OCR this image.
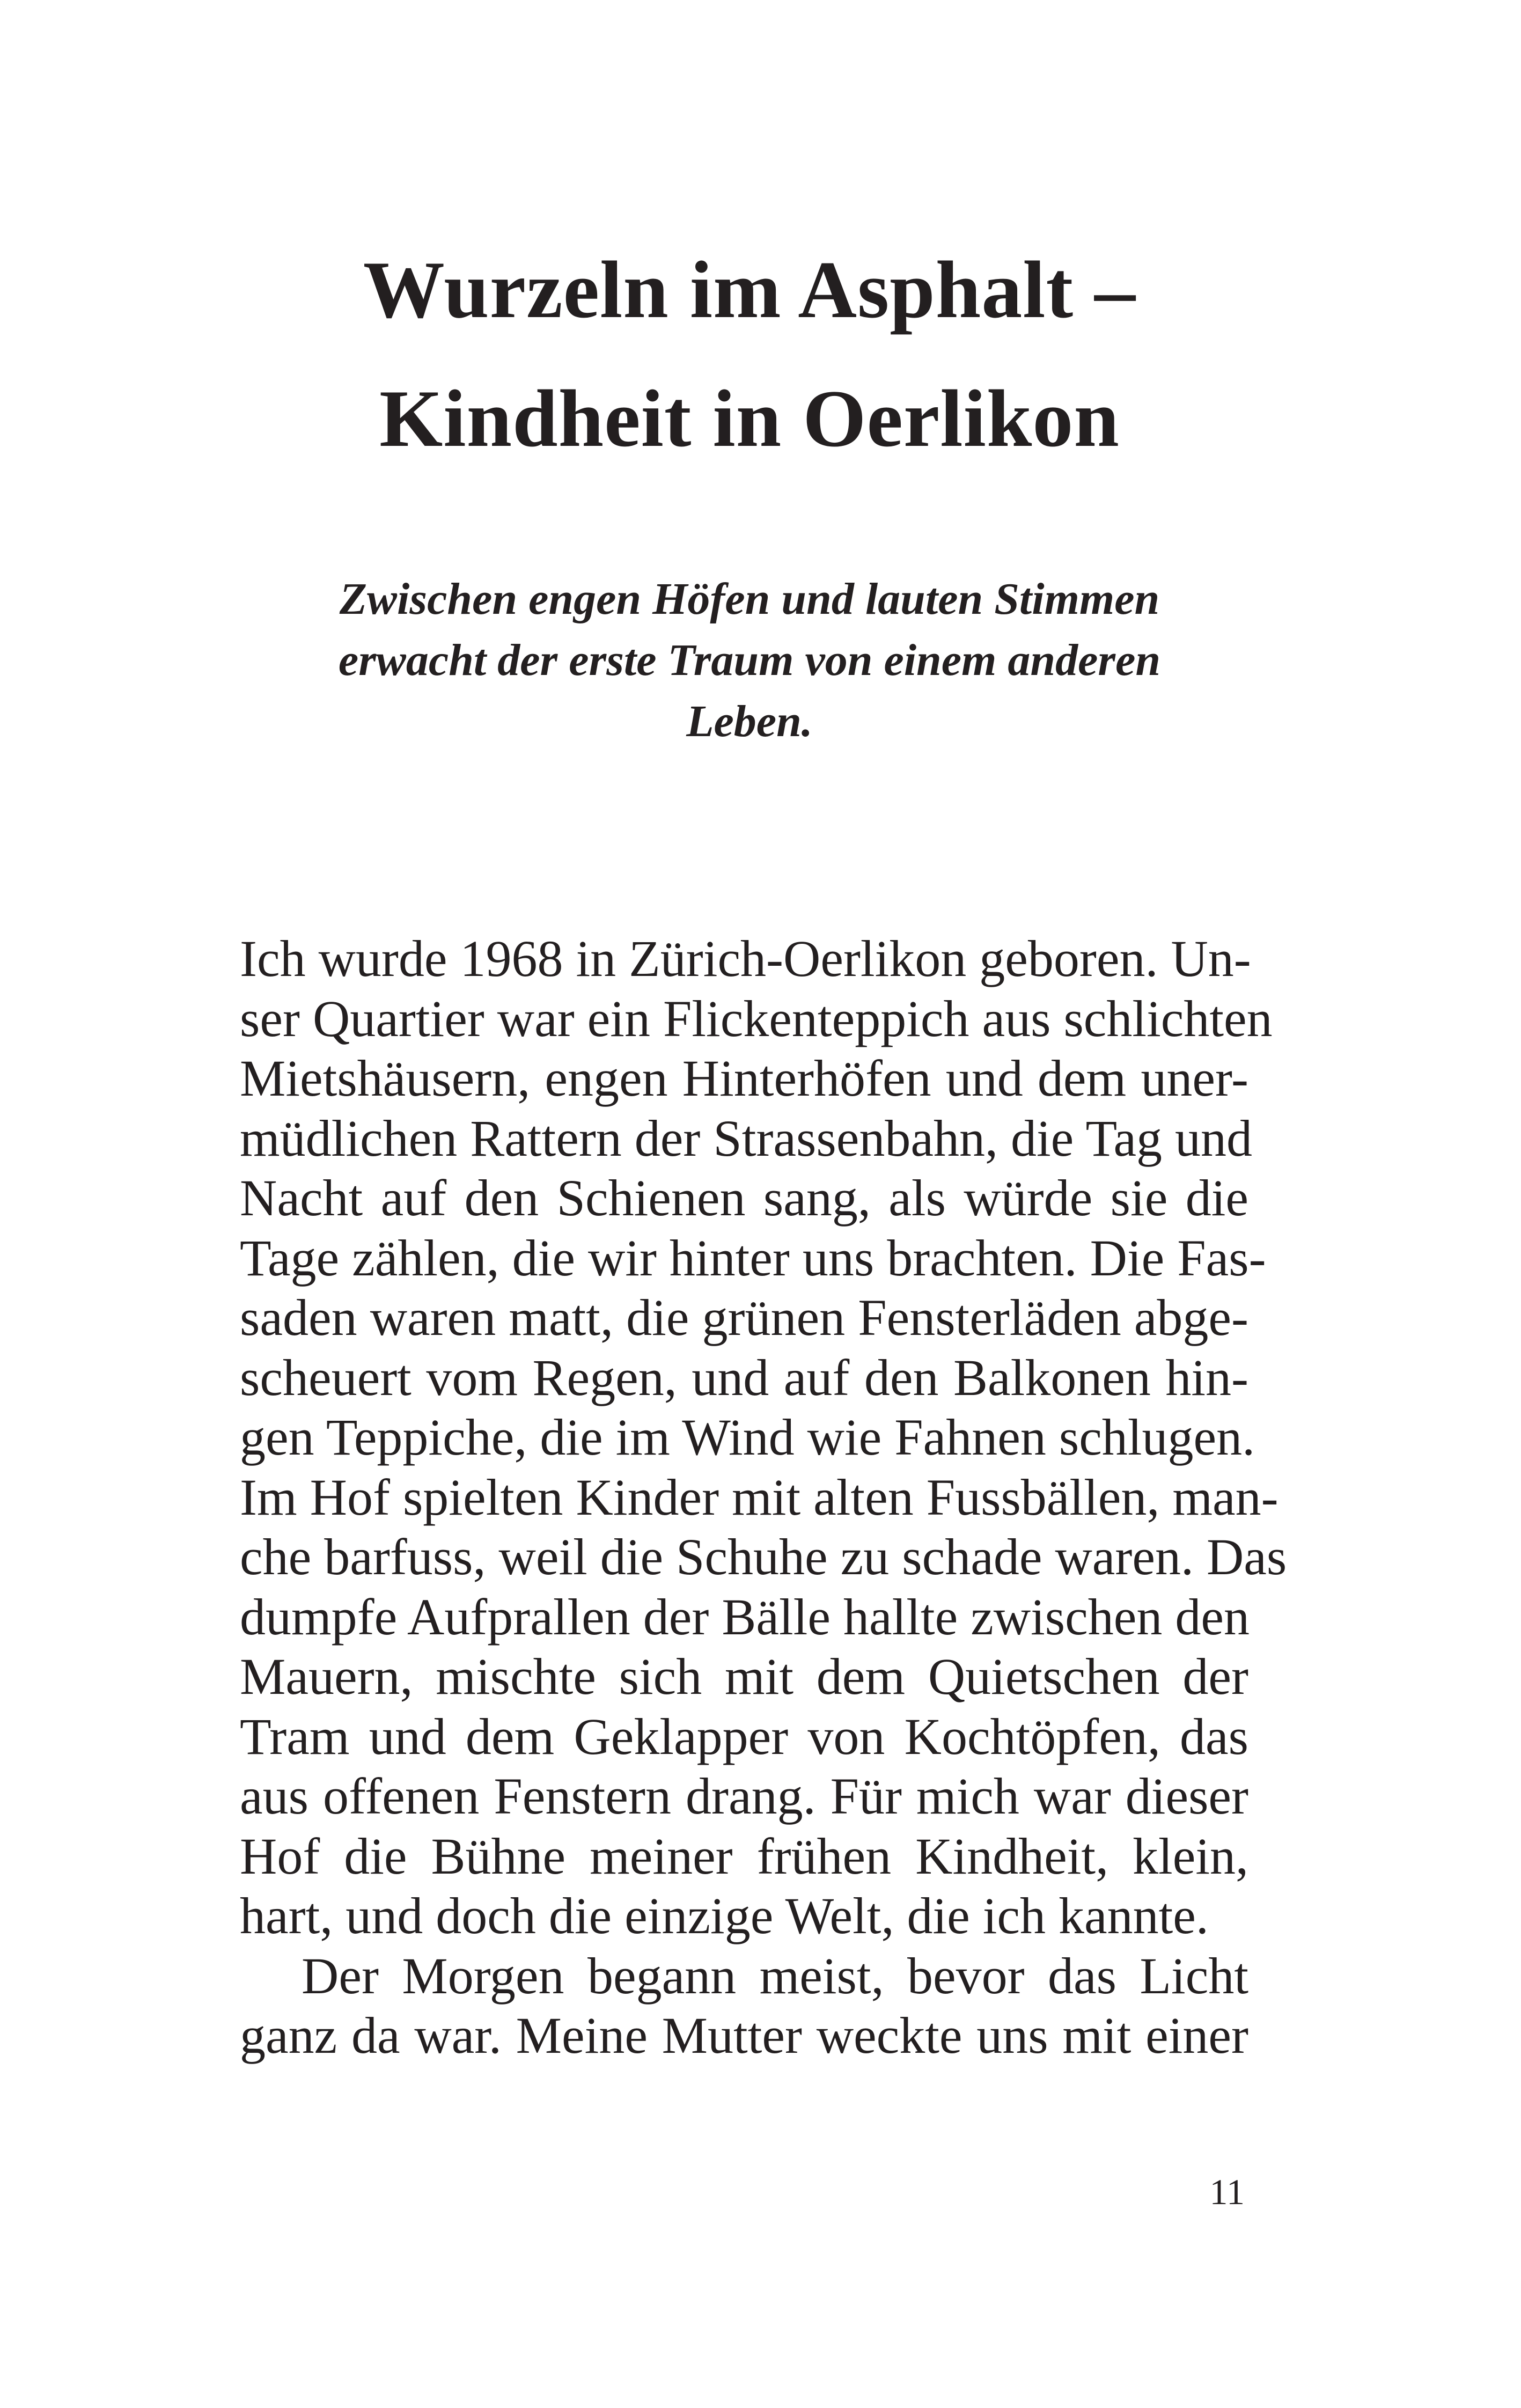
Wurzeln im Asphalt –
Kindheit in Oerlikon

Zwischen engen Höfen und lauten Stimmen
erwacht der erste Traum von einem anderen
Leben.

Ich wurde 1968 in Zürich-Oerlikon geboren. Un-
ser Quartier war ein Flickenteppich aus schlichten
Mietshäusern, engen Hinterhöfen und dem uner-
müdlichen Rattern der Strassenbahn, die Tag und
Nacht auf den Schienen sang, als würde sie die
Tage zählen, die wir hinter uns brachten. Die Fas-
saden waren matt, die grünen Fensterläden abge-
scheuert vom Regen, und auf den Balkonen hin-
gen Teppiche, die im Wind wie Fahnen schlugen.
Im Hof spielten Kinder mit alten Fussbällen, man-
che barfuss, weil die Schuhe zu schade waren. Das
dumpfe Aufprallen der Bälle hallte zwischen den
Mauern, mischte sich mit dem Quietschen der
Tram und dem Geklapper von Kochtöpfen, das
aus offenen Fenstern drang. Für mich war dieser
Hof die Bühne meiner frühen Kindheit, klein,
hart, und doch die einzige Welt, die ich kannte.
Der Morgen begann meist, bevor das Licht
ganz da war. Meine Mutter weckte uns mit einer
11
